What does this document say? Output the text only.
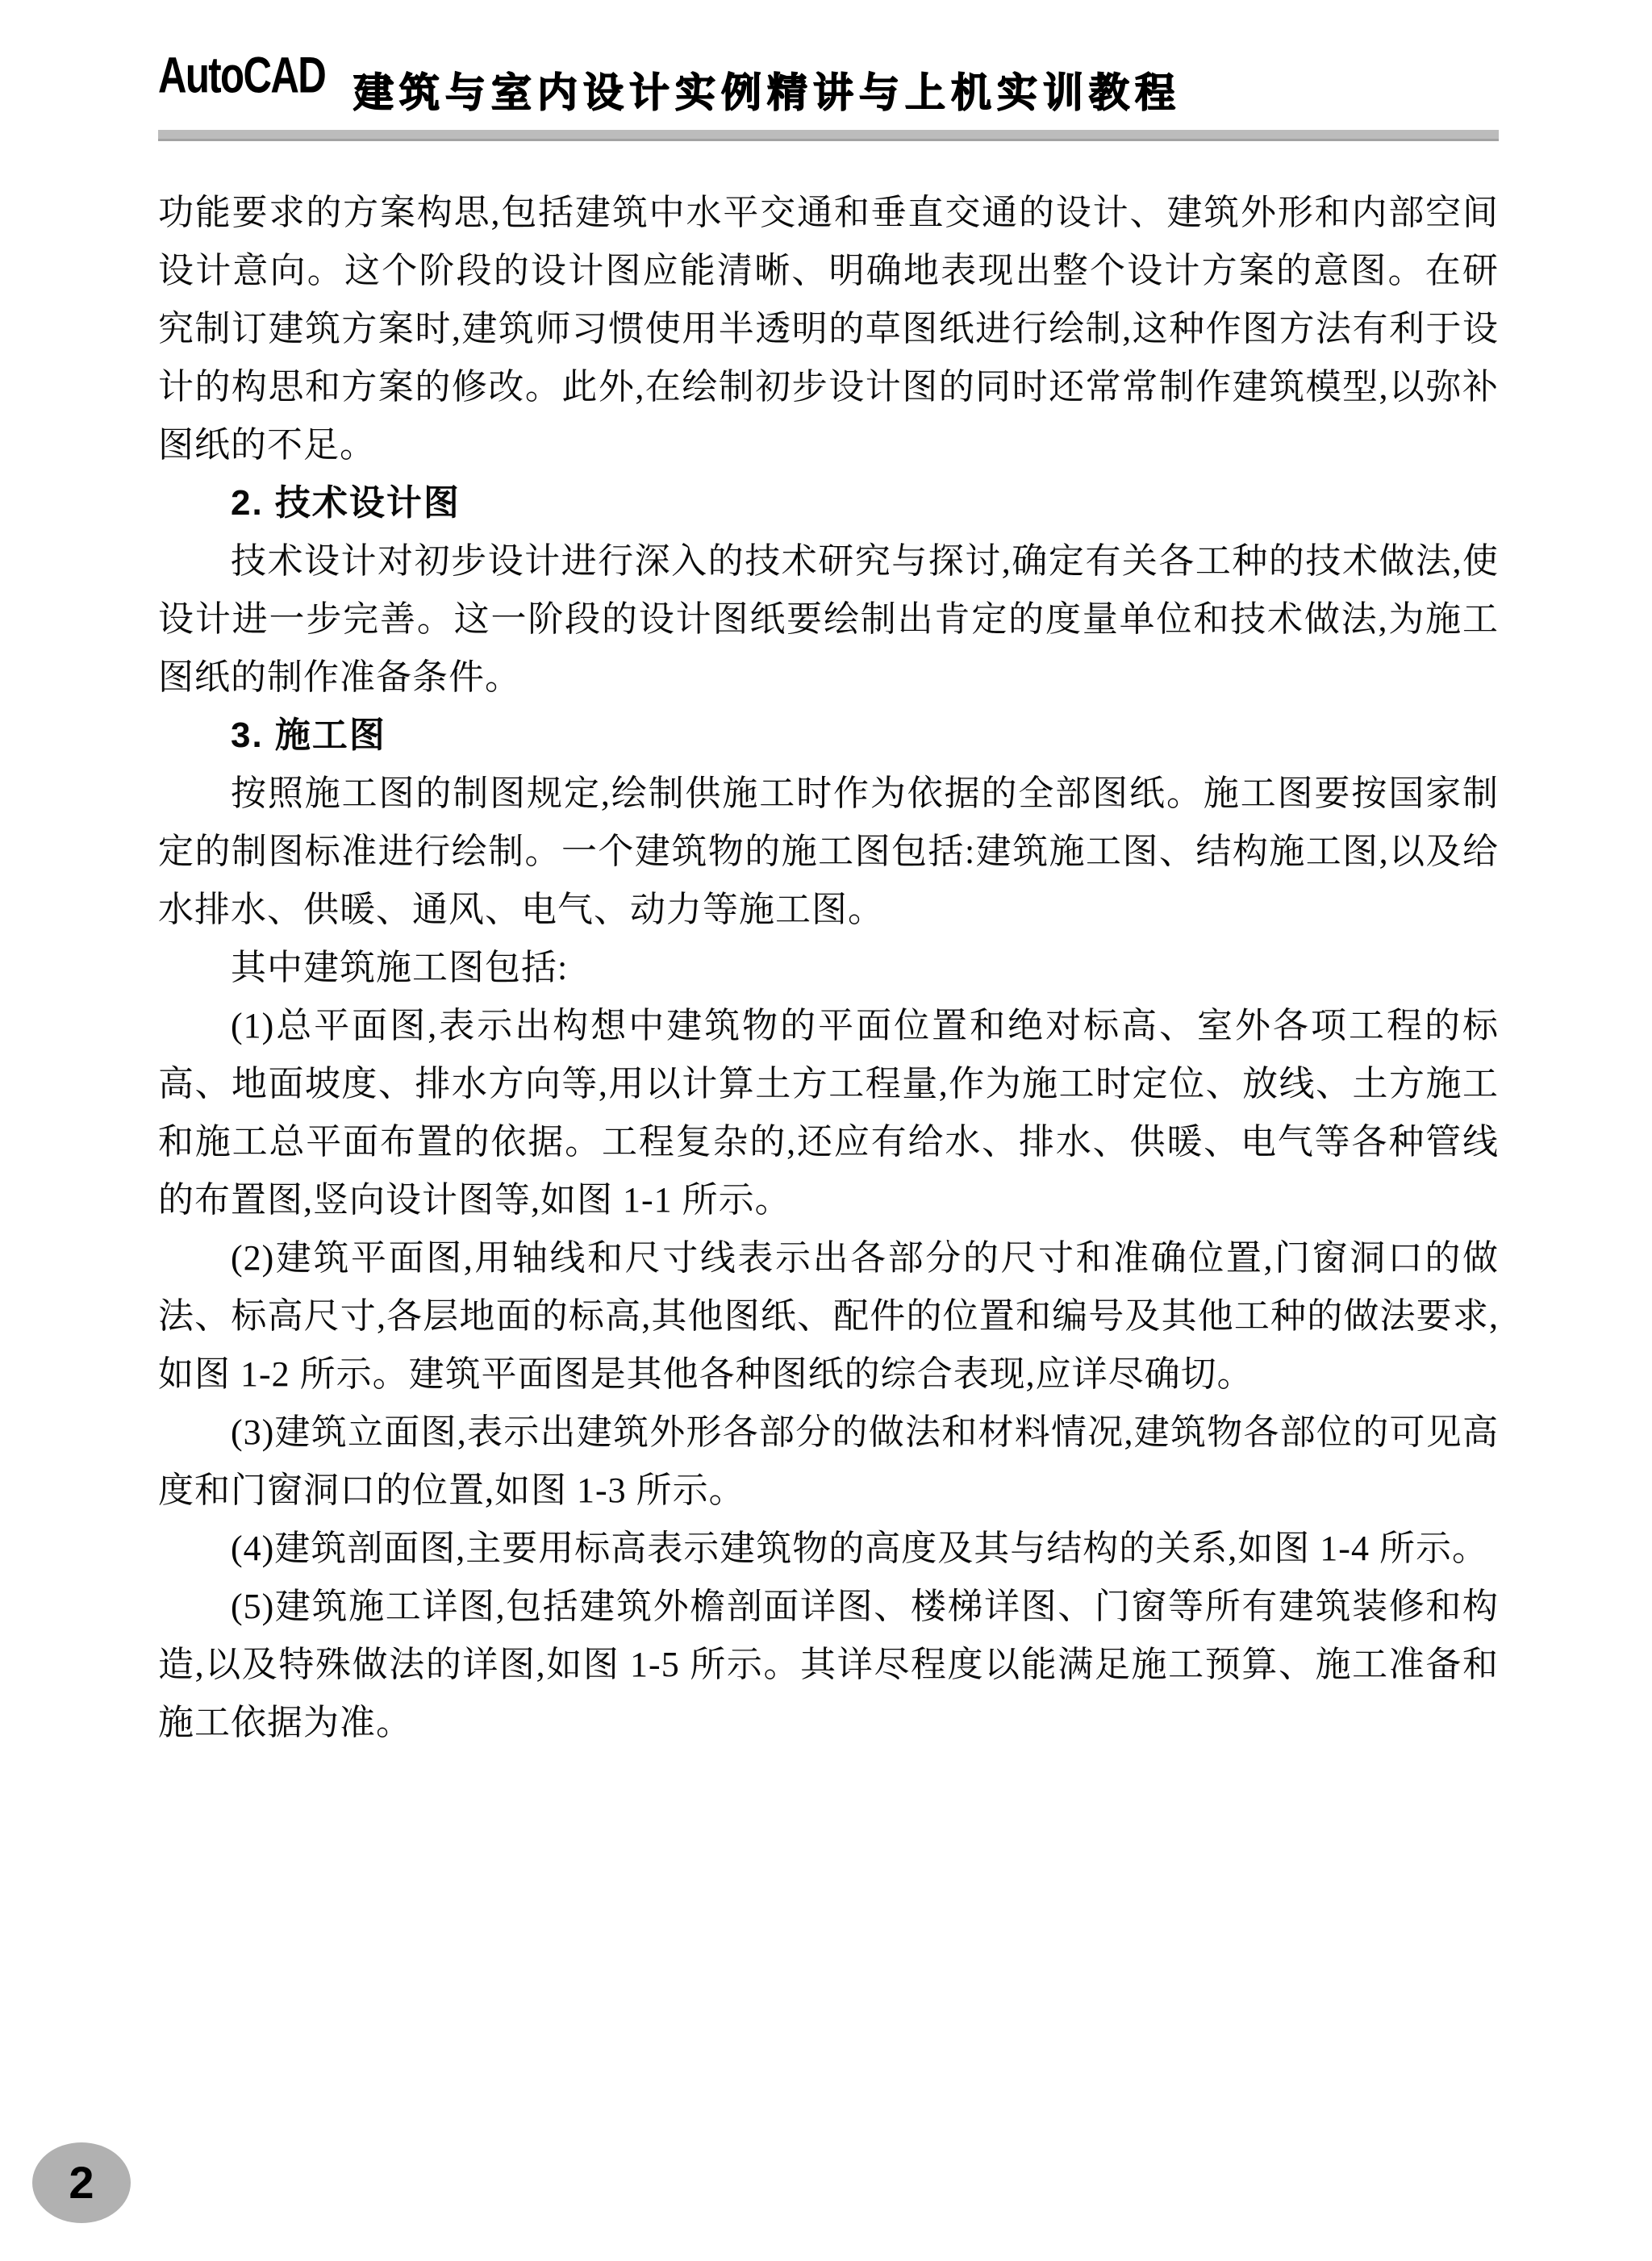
AutoCAD 建筑与室内设计实例精讲与上机实训教程
功能要求的方案构思,包括建筑中水平交通和垂直交通的设计、建筑外形和内部空间设计意向。这个阶段的设计图应能清晰、明确地表现出整个设计方案的意图。在研究制订建筑方案时,建筑师习惯使用半透明的草图纸进行绘制,这种作图方法有利于设计的构思和方案的修改。此外,在绘制初步设计图的同时还常常制作建筑模型,以弥补图纸的不足。
2. 技术设计图
技术设计对初步设计进行深入的技术研究与探讨,确定有关各工种的技术做法,使设计进一步完善。这一阶段的设计图纸要绘制出肯定的度量单位和技术做法,为施工图纸的制作准备条件。
3. 施工图
按照施工图的制图规定,绘制供施工时作为依据的全部图纸。施工图要按国家制定的制图标准进行绘制。一个建筑物的施工图包括:建筑施工图、结构施工图,以及给水排水、供暖、通风、电气、动力等施工图。
其中建筑施工图包括:
(1)总平面图,表示出构想中建筑物的平面位置和绝对标高、室外各项工程的标高、地面坡度、排水方向等,用以计算土方工程量,作为施工时定位、放线、土方施工和施工总平面布置的依据。工程复杂的,还应有给水、排水、供暖、电气等各种管线的布置图,竖向设计图等,如图 1-1 所示。
(2)建筑平面图,用轴线和尺寸线表示出各部分的尺寸和准确位置,门窗洞口的做法、标高尺寸,各层地面的标高,其他图纸、配件的位置和编号及其他工种的做法要求,如图 1-2 所示。建筑平面图是其他各种图纸的综合表现,应详尽确切。
(3)建筑立面图,表示出建筑外形各部分的做法和材料情况,建筑物各部位的可见高度和门窗洞口的位置,如图 1-3 所示。
(4)建筑剖面图,主要用标高表示建筑物的高度及其与结构的关系,如图 1-4 所示。
(5)建筑施工详图,包括建筑外檐剖面详图、楼梯详图、门窗等所有建筑装修和构造,以及特殊做法的详图,如图 1-5 所示。其详尽程度以能满足施工预算、施工准备和施工依据为准。
2
